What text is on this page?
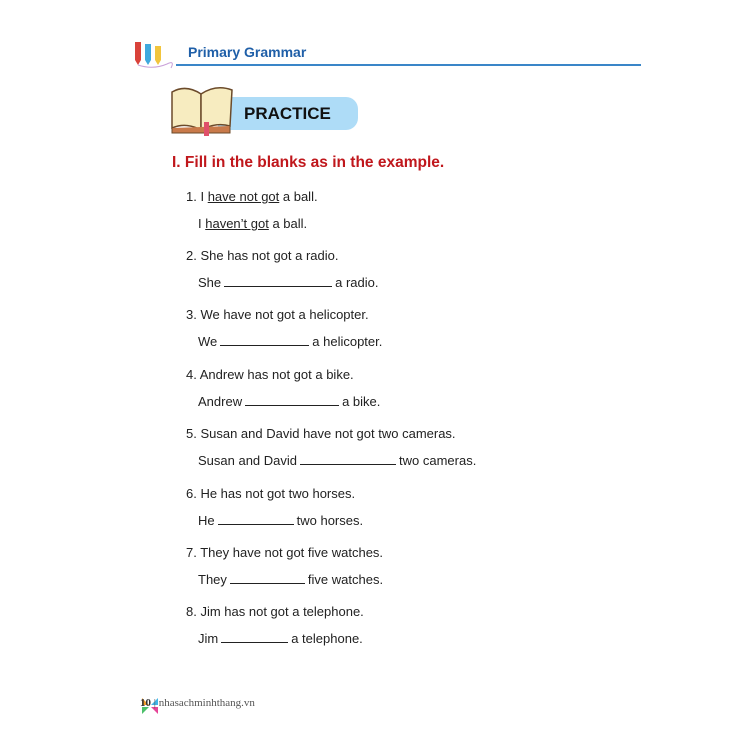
Primary Grammar
PRACTICE
I. Fill in the blanks as in the example.
1. I have not got a ball.
I haven’t got a ball.
2. She has not got a radio.
She	a radio.
3. We have not got a helicopter.
We	a helicopter.
4. Andrew has not got a bike.
Andrew	a bike.
5. Susan and David have not got two cameras.
Susan and David	two cameras.
6. He has not got two horses.
He	two horses.
7. They have not got five watches.
They	five watches.
8. Jim has not got a telephone.
Jim	a telephone.
10 | nhasachminhthang.vn
